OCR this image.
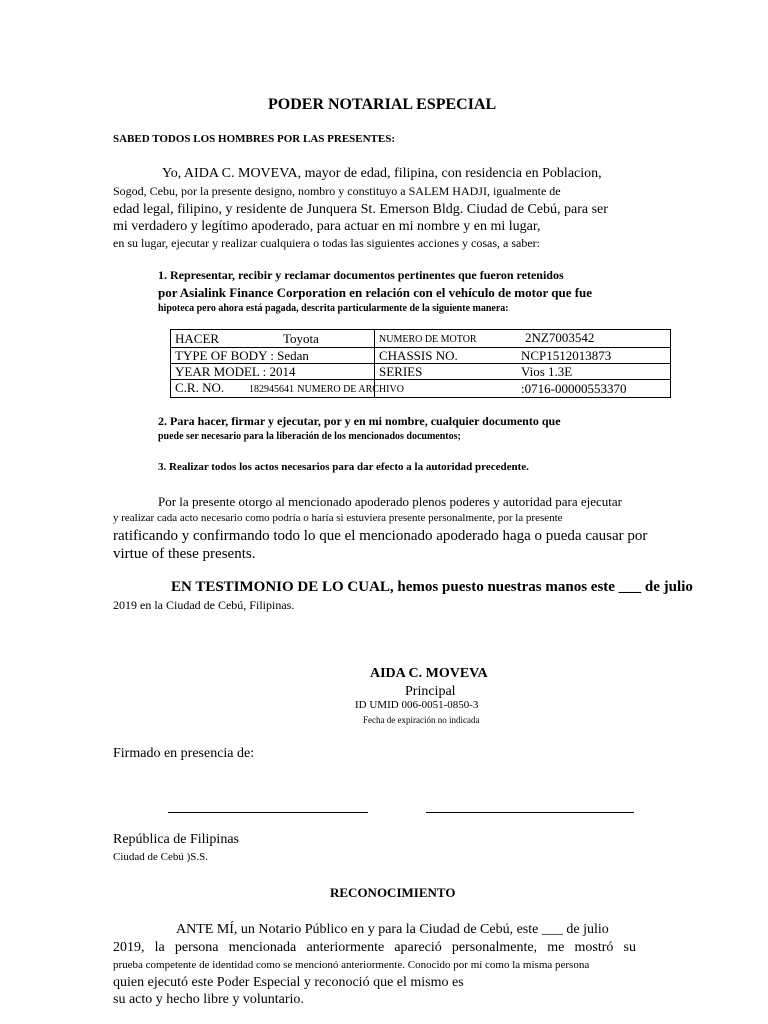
PODER NOTARIAL ESPECIAL
SABED TODOS LOS HOMBRES POR LAS PRESENTES:
Yo, AIDA C. MOVEVA, mayor de edad, filipina, con residencia en Poblacion,
Sogod, Cebu, por la presente designo, nombro y constituyo a SALEM HADJI, igualmente de
edad legal, filipino, y residente de Junquera St. Emerson Bldg. Ciudad de Cebú, para ser
mi verdadero y legítimo apoderado, para actuar en mi nombre y en mi lugar,
en su lugar, ejecutar y realizar cualquiera o todas las siguientes acciones y cosas, a saber:
1. Representar, recibir y reclamar documentos pertinentes que fueron retenidos
por Asialink Finance Corporation en relación con el vehículo de motor que fue
hipoteca pero ahora está pagada, descrita particularmente de la siguiente manera:
HACER Toyota	NUMERO DE MOTOR 2NZ7003542
TYPE OF BODY : Sedan	CHASSIS NO. NCP1512013873
YEAR MODEL : 2014	SERIES Vios 1.3E
C.R. NO. 182945641 NUMERO DE ARCHIVO	:0716-00000553370
2. Para hacer, firmar y ejecutar, por y en mi nombre, cualquier documento que
puede ser necesario para la liberación de los mencionados documentos;
3. Realizar todos los actos necesarios para dar efecto a la autoridad precedente.
Por la presente otorgo al mencionado apoderado plenos poderes y autoridad para ejecutar
y realizar cada acto necesario como podría o haría si estuviera presente personalmente, por la presente
ratificando y confirmando todo lo que el mencionado apoderado haga o pueda causar por
virtue of these presents.
EN TESTIMONIO DE LO CUAL, hemos puesto nuestras manos este ___ de julio
2019 en la Ciudad de Cebú, Filipinas.
AIDA C. MOVEVA
Principal
ID UMID 006-0051-0850-3
Fecha de expiración no indicada
Firmado en presencia de:
República de Filipinas
Ciudad de Cebú )S.S.
RECONOCIMIENTO
ANTE MÍ, un Notario Público en y para la Ciudad de Cebú, este ___ de julio
2019, la persona mencionada anteriormente apareció personalmente, me mostró su
prueba competente de identidad como se mencionó anteriormente. Conocido por mí como la misma persona
quien ejecutó este Poder Especial y reconoció que el mismo es
su acto y hecho libre y voluntario.
